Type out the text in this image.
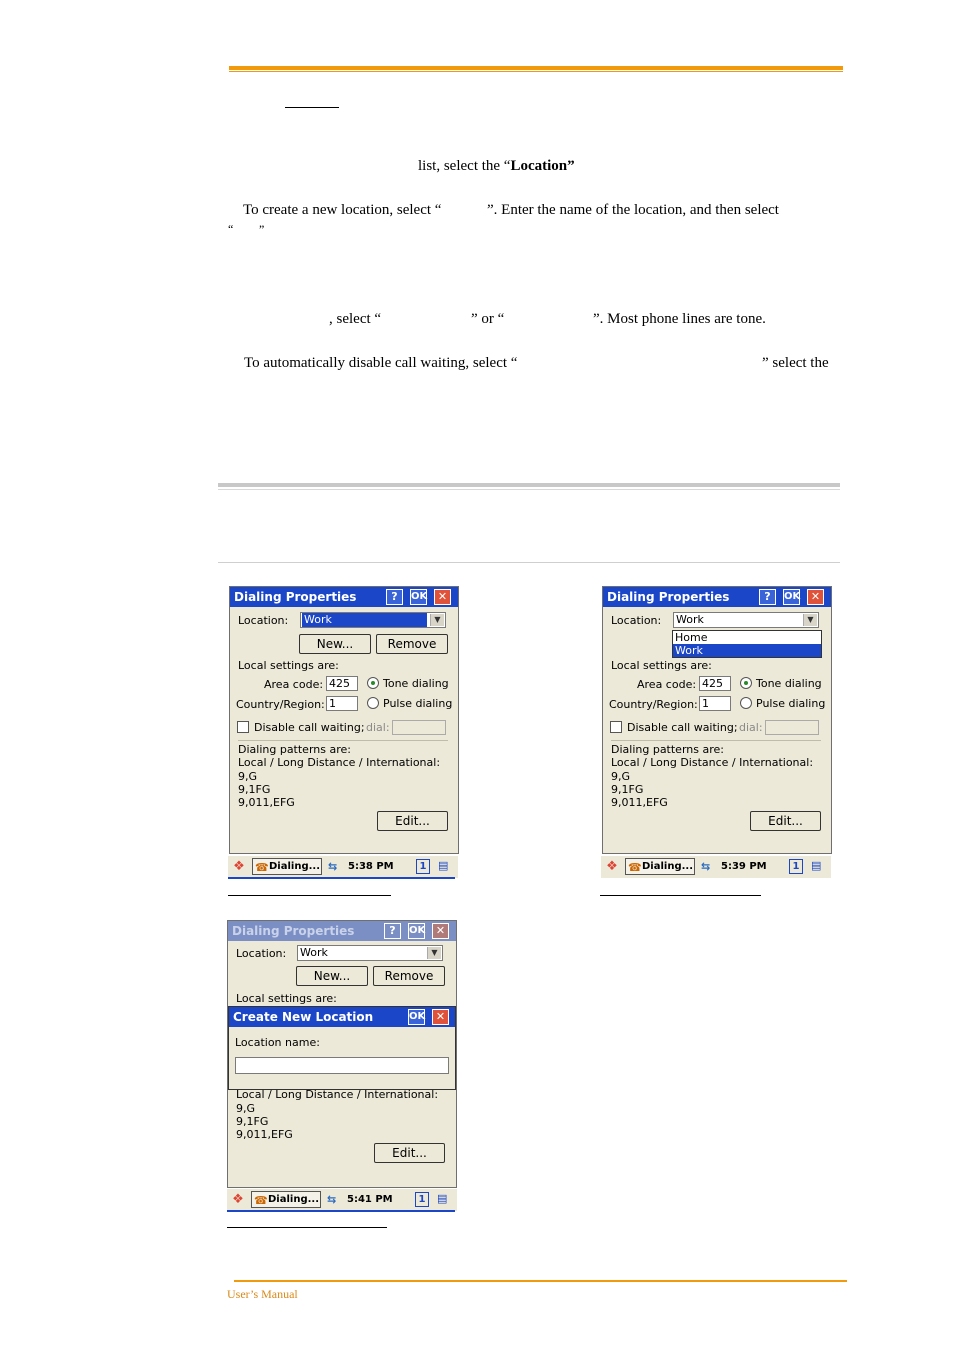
list, select the “Location”
To create a new location, select “	”. Enter the name of the location, and then select
“ ”
, select “	” or “	”. Most phone lines are tone.
To automatically disable call waiting, select “	” select the
Dialing Properties	?	OK ✕
Location: Work	▼
New...	Remove
Local settings are:
Area code: 425
Country/Region: 1
Tone dialing
Pulse dialing
Disable call waiting; dial:
Dialing patterns are:
Local / Long Distance / International:
9,G
9,1FG
9,011,EFG
Edit...
❖ ☎ Dialing... ⇆ 5:38 PM	1	▤
Dialing Properties	?	OK ✕
Location: Work	▼
Home
Work
Local settings are:
Area code: 425
Country/Region: 1
Tone dialing
Pulse dialing
Disable call waiting; dial:
Dialing patterns are:
Local / Long Distance / International:
9,G
9,1FG
9,011,EFG
Edit...
❖ ☎ Dialing... ⇆ 5:39 PM	1	▤
Dialing Properties	?	OK ✕
Location: Work	▼
New...	Remove
Local settings are:
Create New Location	OK ✕
Location name:
Local / Long Distance / International:
9,G
9,1FG
9,011,EFG
Edit...
❖ ☎ Dialing... ⇆ 5:41 PM	1	▤
User’s Manual
